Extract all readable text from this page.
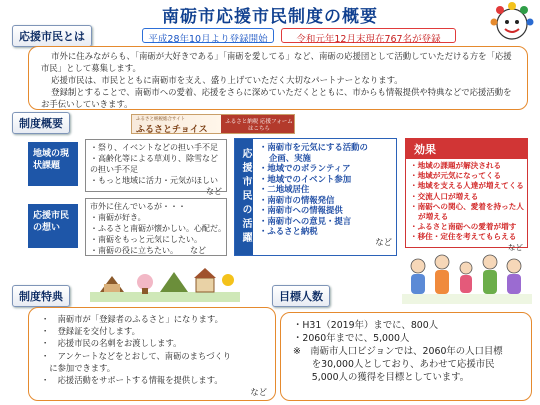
南砺市応援市民制度の概要
応援市民とは	平成28年10月より登録開始	令和元年12月末現在767名が登録

市外に住みながらも、「南砺が大好きである」「南砺を愛してる」など、南砺の応援団として活動していただける方を「応援市民」として募集します。

応援市民は、市民とともに南砺市を支え、盛り上げていただく大切なパートナーとなります。

登録制とすることで、南砺市への愛着、応援をさらに深めていただくとともに、市からも情報提供や特典などで応援活動をお手伝いしていきます。

制度概要	ふるさと納税総合サイト
ふるさとチョイス
ふるさと納税 応援フォームはこちら
地域の現状課題
・祭り、イベントなどの担い手不足
・高齢化等による草刈り、除雪などの担い手不足
・もっと地域に活力・元気がほしい
など
応援市民の想い
市外に住んでいるが・・・
・南砺が好き。
・ふるさと南砺が懐かしい。心配だ。
・南砺をもっと元気にしたい。
・南砺の役に立ちたい。　　 など
応援市民の活躍
・南砺市を元気にする活動の
企画、実施
・地域でのボランティア
・地域でのイベント参加
・二地域居住
・南砺市の情報発信
・南砺市への情報提供
・南砺市への意見・提言
・ふるさと納税
など
効果
・地域の課題が解決される
・地域が元気になってくる
・地域を支える人達が増えてくる
・交流人口が増える
・南砺への関心、愛着を持った人
が増える
・ふるさと南砺への愛着が増す
・移住・定住を考えてもらえる
など
制度特典
・　南砺市が「登録者のふるさと」になります。
・　登録証を交付します。
・　応援市民の名刺をお渡しします。
・　アンケートなどをとおして、南砺のまちづくり
　に参加できます。
・　応援活動をサポートする情報を提供します。
など
目標人数
・H31（2019年）までに、800人
・2060年までに、5,000人
※　南砺市人口ビジョンでは、2060年の人口目標
　　を30,000人としており、あわせて応援市民
　　5,000人の獲得を目標としています。
